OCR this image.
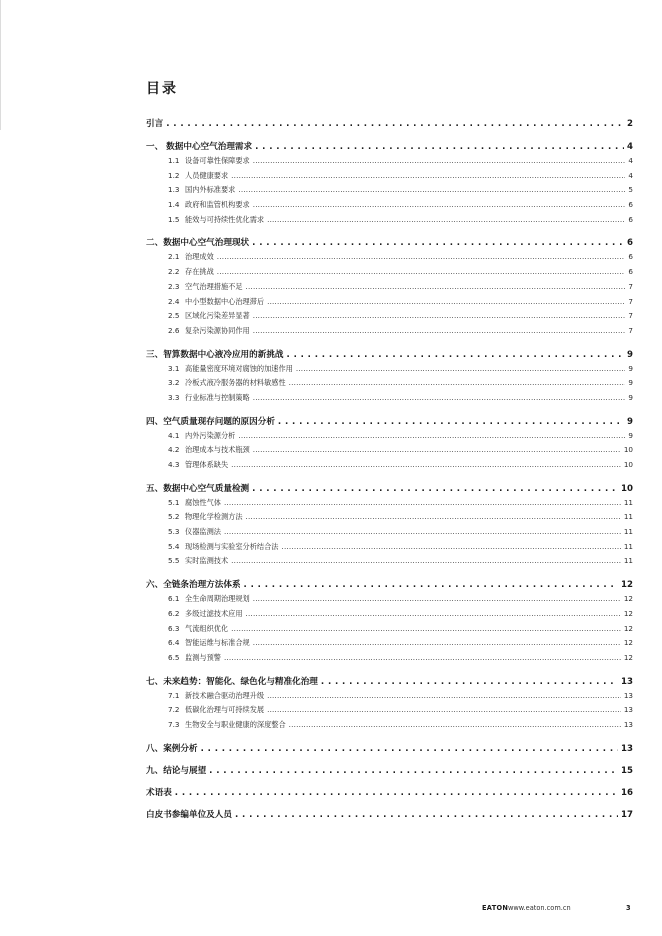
目录
引言 . . .	2
一、 数据中心空气治理需求 . . .	4
1.1 设备可靠性保障要求 .....	4
1.2 人员健康要求 .....	4
1.3 国内外标准要求 .....	5
1.4 政府和监管机构要求 .....	6
1.5 能效与可持续性优化需求 .....	6
二、数据中心空气治理现状 . . .	6
2.1 治理成效 .....	6
2.2 存在挑战 .....	6
2.3 空气治理措施不足 .....	7
2.4 中小型数据中心治理滞后 .....	7
2.5 区域化污染差异显著 .....	7
2.6 复杂污染源协同作用 .....	7
三、智算数据中心液冷应用的新挑战 . . .	9
3.1 高能量密度环境对腐蚀的加速作用 .....	9
3.2 冷板式液冷服务器的材料敏感性 .....	9
3.3 行业标准与控制策略 .....	9
四、空气质量现存问题的原因分析 . . .	9
4.1 内外污染源分析 .....	9
4.2 治理成本与技术瓶颈 .....	10
4.3 管理体系缺失 .....	10
五、数据中心空气质量检测 . . .	10
5.1 腐蚀性气体 .....	11
5.2 物理化学检测方法 .....	11
5.3 仪器监测法 .....	11
5.4 现场检测与实验室分析结合法 .....	11
5.5 实时监测技术 .....	11
六、全链条治理方法体系 . . .	12
6.1 全生命周期治理规划 .....	12
6.2 多级过滤技术应用 .....	12
6.3 气流组织优化 .....	12
6.4 智能运维与标准合规 .....	12
6.5 监测与预警 .....	12
七、未来趋势：智能化、绿色化与精准化治理 . . .	13
7.1 新技术融合驱动治理升级 .....	13
7.2 低碳化治理与可持续发展 .....	13
7.3 生物安全与职业健康的深度整合 .....	13
八、案例分析 . . .	13
九、结论与展望 . . .	15
术语表 . . .	16
白皮书参编单位及人员 . . .	17
EATON www.eaton.com.cn	3
